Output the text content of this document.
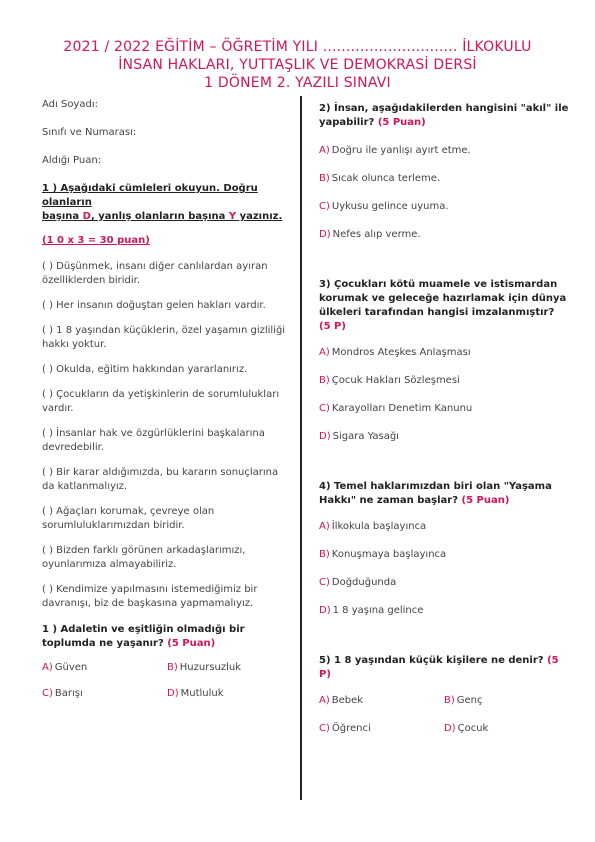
2021 / 2022 EĞİTİM – ÖĞRETİM YILI ............................. İLKOKULU
İNSAN HAKLARI, YUTTAŞLIK VE DEMOKRASİ DERSİ
1 DÖNEM 2. YAZILI SINAVI
Adı Soyadı:
Sınıfı ve Numarası:
Aldığı Puan:
1 ) Aşağıdaki cümleleri okuyun. Doğru olanların
başına D, yanlış olanların başına Y yazınız.
(1 0 x 3 = 30 puan)
( ) Düşünmek, insanı diğer canlılardan ayıran özelliklerden biridir.
( ) Her insanın doğuştan gelen hakları vardır.
( ) 1 8 yaşından küçüklerin, özel yaşamın gizliliği hakkı yoktur.
( ) Okulda, eğitim hakkından yararlanırız.
( ) Çocukların da yetişkinlerin de sorumlulukları vardır.
( ) İnsanlar hak ve özgürlüklerini başkalarına devredebilir.
( ) Bir karar aldığımızda, bu kararın sonuçlarına da katlanmalıyız.
( ) Ağaçları korumak, çevreye olan sorumluluklarımızdan biridir.
( ) Bizden farklı görünen arkadaşlarımızı, oyunlarımıza almayabiliriz.
( ) Kendimize yapılmasını istemediğimiz bir davranışı, biz de başkasına yapmamalıyız.
1 ) Adaletin ve eşitliğin olmadığı bir toplumda ne yaşanır? (5 Puan)
A) Güven	B) Huzursuzluk
C) Barışı	D) Mutluluk
2) İnsan, aşağıdakilerden hangisini "akıl" ile yapabilir? (5 Puan)
A) Doğru ile yanlışı ayırt etme.
B) Sıcak olunca terleme.
C) Uykusu gelince uyuma.
D) Nefes alıp verme.
3) Çocukları kötü muamele ve istismardan korumak ve geleceğe hazırlamak için dünya ülkeleri tarafından hangisi imzalanmıştır? (5 P)
A) Mondros Ateşkes Anlaşması
B) Çocuk Hakları Sözleşmesi
C) Karayolları Denetim Kanunu
D) Sigara Yasağı
4) Temel haklarımızdan biri olan "Yaşama Hakkı" ne zaman başlar? (5 Puan)
A) İlkokula başlayınca
B) Konuşmaya başlayınca
C) Doğduğunda
D) 1 8 yaşına gelince
5) 1 8 yaşından küçük kişilere ne denir? (5 P)
A) Bebek	B) Genç
C) Öğrenci	D) Çocuk
